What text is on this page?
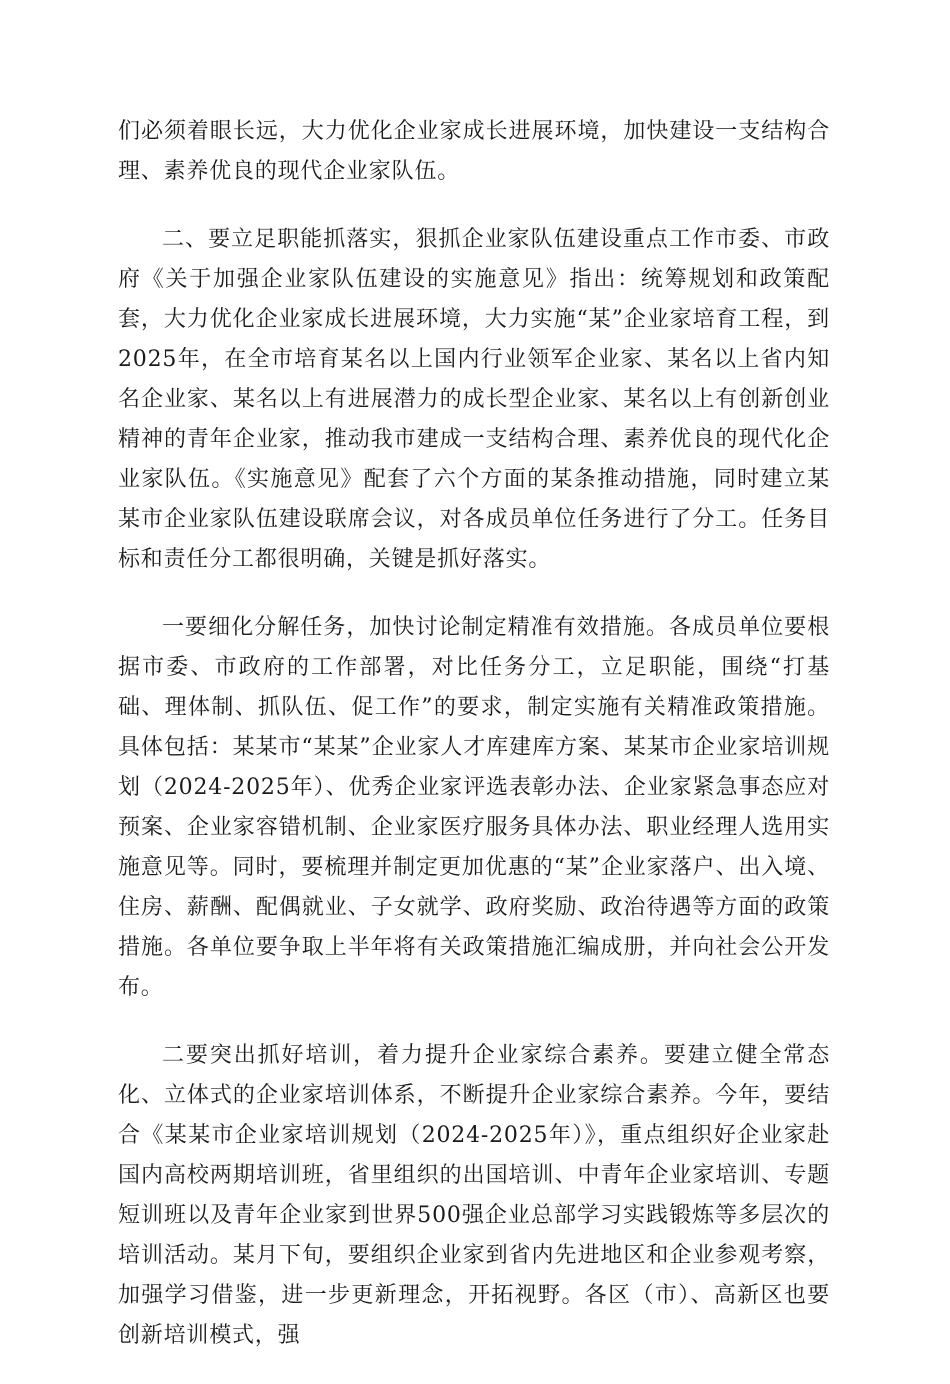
们必须着眼长远，大力优化企业家成长进展环境，加快建设一支结构合理、素养优良的现代企业家队伍。

二、要立足职能抓落实，狠抓企业家队伍建设重点工作市委、市政府《关于加强企业家队伍建设的实施意见》指出：统筹规划和政策配套，大力优化企业家成长进展环境，大力实施“某”企业家培育工程，到2025年，在全市培育某名以上国内行业领军企业家、某名以上省内知名企业家、某名以上有进展潜力的成长型企业家、某名以上有创新创业精神的青年企业家，推动我市建成一支结构合理、素养优良的现代化企业家队伍。《实施意见》配套了六个方面的某条推动措施，同时建立某某市企业家队伍建设联席会议，对各成员单位任务进行了分工。任务目标和责任分工都很明确，关键是抓好落实。

一要细化分解任务，加快讨论制定精准有效措施。各成员单位要根据市委、市政府的工作部署，对比任务分工，立足职能，围绕“打基础、理体制、抓队伍、促工作”的要求，制定实施有关精准政策措施。具体包括：某某市“某某”企业家人才库建库方案、某某市企业家培训规划（2024-2025年）、优秀企业家评选表彰办法、企业家紧急事态应对预案、企业家容错机制、企业家医疗服务具体办法、职业经理人选用实施意见等。同时，要梳理并制定更加优惠的“某”企业家落户、出入境、住房、薪酬、配偶就业、子女就学、政府奖励、政治待遇等方面的政策措施。各单位要争取上半年将有关政策措施汇编成册，并向社会公开发布。

二要突出抓好培训，着力提升企业家综合素养。要建立健全常态化、立体式的企业家培训体系，不断提升企业家综合素养。今年，要结合《某某市企业家培训规划（2024-2025年）》，重点组织好企业家赴国内高校两期培训班，省里组织的出国培训、中青年企业家培训、专题短训班以及青年企业家到世界500强企业总部学习实践锻炼等多层次的培训活动。某月下旬，要组织企业家到省内先进地区和企业参观考察，加强学习借鉴，进一步更新理念，开拓视野。各区（市）、高新区也要创新培训模式，强
